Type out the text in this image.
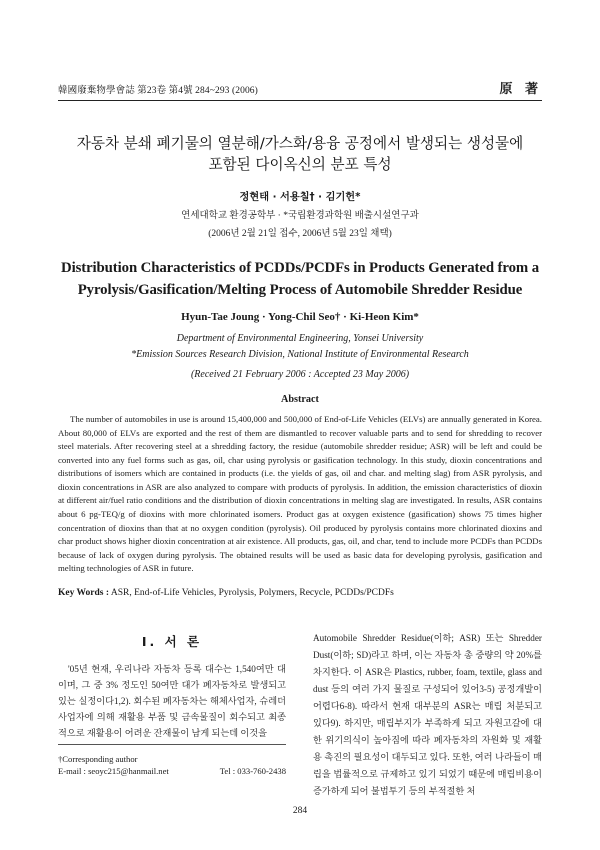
韓國廢棄物學會誌 第23卷 第4號 284~293 (2006)	原 著
자동차 분쇄 폐기물의 열분해/가스화/용융 공정에서 발생되는 생성물에
포함된 다이옥신의 분포 특성
정현태 · 서용칠† · 김기헌*
연세대학교 환경공학부 · *국립환경과학원 배출시설연구과
(2006년 2월 21일 접수, 2006년 5월 23일 채택)
Distribution Characteristics of PCDDs/PCDFs in Products Generated from a
Pyrolysis/Gasification/Melting Process of Automobile Shredder Residue
Hyun-Tae Joung · Yong-Chil Seo† · Ki-Heon Kim*
Department of Environmental Engineering, Yonsei University
*Emission Sources Research Division, National Institute of Environmental Research
(Received 21 February 2006 : Accepted 23 May 2006)
Abstract
The number of automobiles in use is around 15,400,000 and 500,000 of End-of-Life Vehicles (ELVs) are annually generated in Korea. About 80,000 of ELVs are exported and the rest of them are dismantled to recover valuable parts and to send for shredding to recover steel materials. After recovering steel at a shredding factory, the residue (automobile shredder residue; ASR) will be left and could be converted into any fuel forms such as gas, oil, char using pyrolysis or gasification technology. In this study, dioxin concentrations and distributions of isomers which are contained in products (i.e. the yields of gas, oil and char. and melting slag) from ASR pyrolysis, and dioxin concentrations in ASR are also analyzed to compare with products of pyrolysis. In addition, the emission characteristics of dioxin at different air/fuel ratio conditions and the distribution of dioxin concentrations in melting slag are investigated. In results, ASR contains about 6 pg-TEQ/g of dioxins with more chlorinated isomers. Product gas at oxygen existence (gasification) shows 75 times higher concentration of dioxins than that at no oxygen condition (pyrolysis). Oil produced by pyrolysis contains more chlorinated dioxins and char product shows higher dioxin concentration at air existence. All products, gas, oil, and char, tend to include more PCDFs than PCDDs because of lack of oxygen during pyrolysis. The obtained results will be used as basic data for developing pyrolysis, gasification and melting technologies of ASR in future.
Key Words : ASR, End-of-Life Vehicles, Pyrolysis, Polymers, Recycle, PCDDs/PCDFs
I. 서 론
'05년 현재, 우리나라 자동차 등록 대수는 1,540여만 대이며, 그 중 3% 정도인 50여만 대가 폐자동차로 발생되고 있는 실정이다1,2). 회수된 폐자동차는 해체사업자, 슈레더 사업자에 의해 재활용 부품 및 금속물질이 회수되고 최종적으로 재활용이 어려운 잔재물이 남게 되는데 이것을
Automobile Shredder Residue(이하; ASR) 또는 Shredder Dust(이하; SD)라고 하며, 이는 자동차 총 중량의 약 20%를 차지한다. 이 ASR은 Plastics, rubber, foam, textile, glass and dust 등의 여러 가지 물질로 구성되어 있어3-5) 공정개발이 어렵다6-8). 따라서 현재 대부분의 ASR는 매립 처분되고 있다9). 하지만, 매립부지가 부족하게 되고 자원고갈에 대한 위기의식이 높아짐에 따라 폐자동차의 자원화 및 재활용 촉진의 필요성이 대두되고 있다. 또한, 여러 나라들이 매립을 법률적으로 규제하고 있기 되었기 때문에 매립비용이 증가하게 되어 불법투기 등의 부적절한 처
†Corresponding author
E-mail : seoyc215@hanmail.net	Tel : 033-760-2438
284
